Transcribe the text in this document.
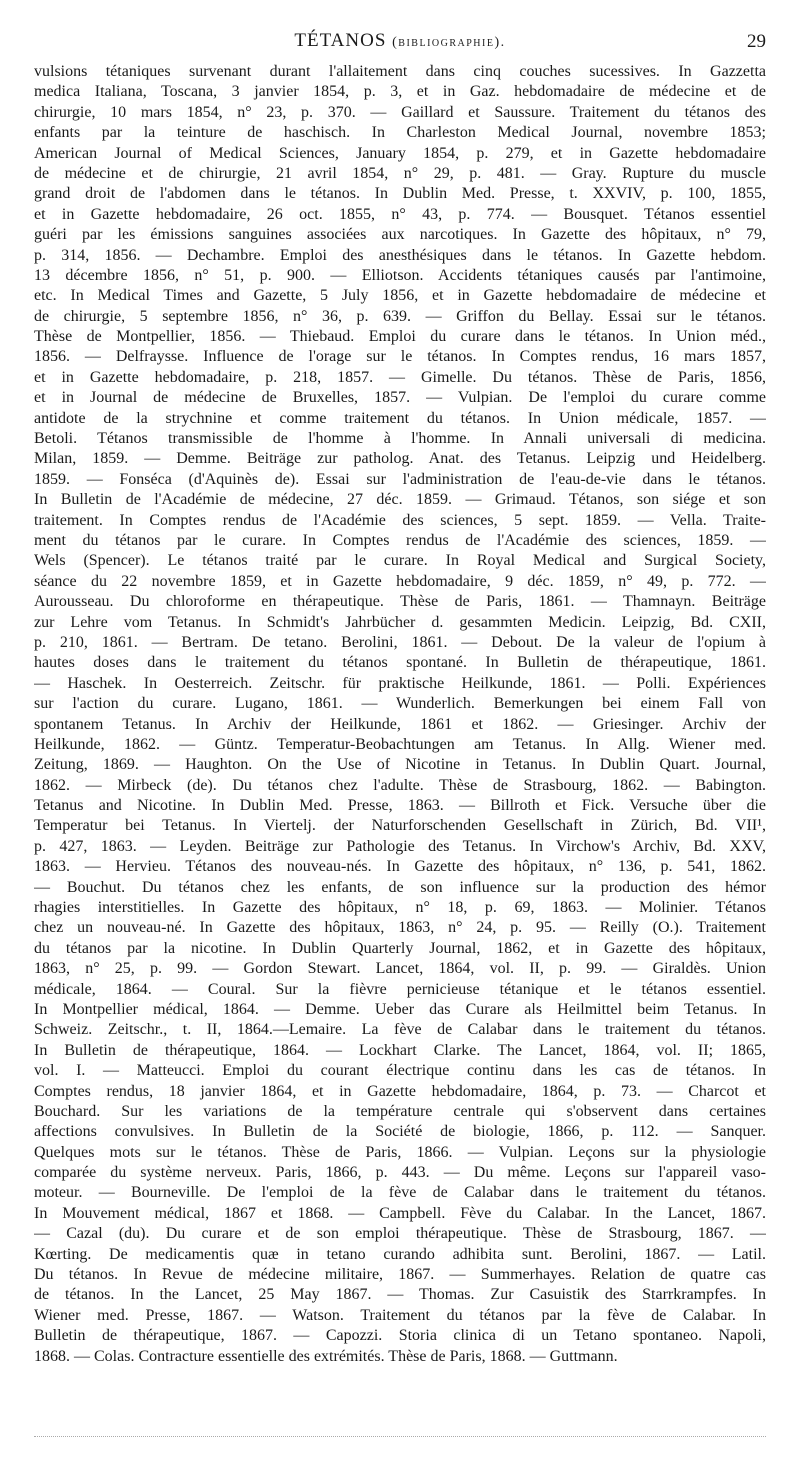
TÉTANOS (bibliographie).	29
vulsions tétaniques survenant durant l'allaitement dans cinq couches sucessives. In Gazzetta
medica Italiana, Toscana, 3 janvier 1854, p. 3, et in Gaz. hebdomadaire de médecine et de
chirurgie, 10 mars 1854, n° 23, p. 370. — Gaillard et Saussure. Traitement du tétanos des
enfants par la teinture de haschisch. In Charleston Medical Journal, novembre 1853;
American Journal of Medical Sciences, January 1854, p. 279, et in Gazette hebdomadaire
de médecine et de chirurgie, 21 avril 1854, n° 29, p. 481. — Gray. Rupture du muscle
grand droit de l'abdomen dans le tétanos. In Dublin Med. Presse, t. XXVIV, p. 100, 1855,
et in Gazette hebdomadaire, 26 oct. 1855, n° 43, p. 774. — Bousquet. Tétanos essentiel
guéri par les émissions sanguines associées aux narcotiques. In Gazette des hôpitaux, n° 79,
p. 314, 1856. — Dechambre. Emploi des anesthésiques dans le tétanos. In Gazette hebdom.
13 décembre 1856, n° 51, p. 900. — Elliotson. Accidents tétaniques causés par l'antimoine,
etc. In Medical Times and Gazette, 5 July 1856, et in Gazette hebdomadaire de médecine et
de chirurgie, 5 septembre 1856, n° 36, p. 639. — Griffon du Bellay. Essai sur le tétanos.
Thèse de Montpellier, 1856. — Thiebaud. Emploi du curare dans le tétanos. In Union méd.,
1856. — Delfraysse. Influence de l'orage sur le tétanos. In Comptes rendus, 16 mars 1857,
et in Gazette hebdomadaire, p. 218, 1857. — Gimelle. Du tétanos. Thèse de Paris, 1856,
et in Journal de médecine de Bruxelles, 1857. — Vulpian. De l'emploi du curare comme
antidote de la strychnine et comme traitement du tétanos. In Union médicale, 1857. —
Betoli. Tétanos transmissible de l'homme à l'homme. In Annali universali di medicina.
Milan, 1859. — Demme. Beiträge zur patholog. Anat. des Tetanus. Leipzig und Heidelberg.
1859. — Fonséca (d'Aquinès de). Essai sur l'administration de l'eau-de-vie dans le tétanos.
In Bulletin de l'Académie de médecine, 27 déc. 1859. — Grimaud. Tétanos, son siége et son
traitement. In Comptes rendus de l'Académie des sciences, 5 sept. 1859. — Vella. Traite-
ment du tétanos par le curare. In Comptes rendus de l'Académie des sciences, 1859. —
Wels (Spencer). Le tétanos traité par le curare. In Royal Medical and Surgical Society,
séance du 22 novembre 1859, et in Gazette hebdomadaire, 9 déc. 1859, n° 49, p. 772. —
Aurousseau. Du chloroforme en thérapeutique. Thèse de Paris, 1861. — Thamnayn. Beiträge
zur Lehre vom Tetanus. In Schmidt's Jahrbücher d. gesammten Medicin. Leipzig, Bd. CXII,
p. 210, 1861. — Bertram. De tetano. Berolini, 1861. — Debout. De la valeur de l'opium à
hautes doses dans le traitement du tétanos spontané. In Bulletin de thérapeutique, 1861.
— Haschek. In Oesterreich. Zeitschr. für praktische Heilkunde, 1861. — Polli. Expériences
sur l'action du curare. Lugano, 1861. — Wunderlich. Bemerkungen bei einem Fall von
spontanem Tetanus. In Archiv der Heilkunde, 1861 et 1862. — Griesinger. Archiv der
Heilkunde, 1862. — Güntz. Temperatur-Beobachtungen am Tetanus. In Allg. Wiener med.
Zeitung, 1869. — Haughton. On the Use of Nicotine in Tetanus. In Dublin Quart. Journal,
1862. — Mirbeck (de). Du tétanos chez l'adulte. Thèse de Strasbourg, 1862. — Babington.
Tetanus and Nicotine. In Dublin Med. Presse, 1863. — Billroth et Fick. Versuche über die
Temperatur bei Tetanus. In Viertelj. der Naturforschenden Gesellschaft in Zürich, Bd. VII¹,
p. 427, 1863. — Leyden. Beiträge zur Pathologie des Tetanus. In Virchow's Archiv, Bd. XXV,
1863. — Hervieu. Tétanos des nouveau-nés. In Gazette des hôpitaux, n° 136, p. 541, 1862.
— Bouchut. Du tétanos chez les enfants, de son influence sur la production des hémor
rhagies interstitielles. In Gazette des hôpitaux, n° 18, p. 69, 1863. — Molinier. Tétanos
chez un nouveau-né. In Gazette des hôpitaux, 1863, n° 24, p. 95. — Reilly (O.). Traitement
du tétanos par la nicotine. In Dublin Quarterly Journal, 1862, et in Gazette des hôpitaux,
1863, n° 25, p. 99. — Gordon Stewart. Lancet, 1864, vol. II, p. 99. — Giraldès. Union
médicale, 1864. — Coural. Sur la fièvre pernicieuse tétanique et le tétanos essentiel.
In Montpellier médical, 1864. — Demme. Ueber das Curare als Heilmittel beim Tetanus. In
Schweiz. Zeitschr., t. II, 1864.—Lemaire. La fève de Calabar dans le traitement du tétanos.
In Bulletin de thérapeutique, 1864. — Lockhart Clarke. The Lancet, 1864, vol. II; 1865,
vol. I. — Matteucci. Emploi du courant électrique continu dans les cas de tétanos. In
Comptes rendus, 18 janvier 1864, et in Gazette hebdomadaire, 1864, p. 73. — Charcot et
Bouchard. Sur les variations de la température centrale qui s'observent dans certaines
affections convulsives. In Bulletin de la Société de biologie, 1866, p. 112. — Sanquer.
Quelques mots sur le tétanos. Thèse de Paris, 1866. — Vulpian. Leçons sur la physiologie
comparée du système nerveux. Paris, 1866, p. 443. — Du même. Leçons sur l'appareil vaso-
moteur. — Bourneville. De l'emploi de la fève de Calabar dans le traitement du tétanos.
In Mouvement médical, 1867 et 1868. — Campbell. Fève du Calabar. In the Lancet, 1867.
— Cazal (du). Du curare et de son emploi thérapeutique. Thèse de Strasbourg, 1867. —
Kœrting. De medicamentis quæ in tetano curando adhibita sunt. Berolini, 1867. — Latil.
Du tétanos. In Revue de médecine militaire, 1867. — Summerhayes. Relation de quatre cas
de tétanos. In the Lancet, 25 May 1867. — Thomas. Zur Casuistik des Starrkrampfes. In
Wiener med. Presse, 1867. — Watson. Traitement du tétanos par la fève de Calabar. In
Bulletin de thérapeutique, 1867. — Capozzi. Storia clinica di un Tetano spontaneo. Napoli,
1868. — Colas. Contracture essentielle des extrémités. Thèse de Paris, 1868. — Guttmann.
